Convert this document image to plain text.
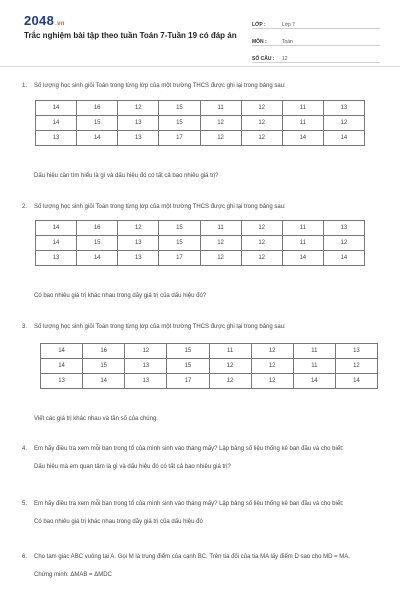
2048.vn
Trắc nghiệm bài tập theo tuần Toán 7-Tuần 19 có đáp án
LỚP :	Lớp 7
MÔN :	Toán
SỐ CÂU :	12
1. Số lượng học sinh giỏi Toán trong từng lớp của một trường THCS được ghi lại trong bảng sau:
14	16	12	15	11	12	11	13
14	15	13	15	12	12	11	12
13	14	13	17	12	12	14	14
Dấu hiệu cần tìm hiểu là gì và dấu hiệu đó có tất cả bao nhiêu giá trị?
2. Số lượng học sinh giỏi Toán trong từng lớp của một trường THCS được ghi lại trong bảng sau:
14	16	12	15	11	12	11	13
14	15	13	15	12	12	11	12
13	14	13	17	12	12	14	14
Có bao nhiêu giá trị khác nhau trong dãy giá trị của dấu hiệu đó?
3. Số lượng học sinh giỏi Toán trong từng lớp của một trường THCS được ghi lại trong bảng sau:
14	16	12	15	11	12	11	13
14	15	13	15	12	12	11	12
13	14	13	17	12	12	14	14
Viết các giá trị khác nhau và tần số của chúng.
4. Em hãy điều tra xem mỗi bạn trong tổ của mình sinh vào tháng mấy? Lập bảng số liệu thống kê ban đầu và cho biết:
Dấu hiệu mà em quan tâm là gì và dấu hiệu đó có tất cả bao nhiêu giá trị?
5. Em hãy điều tra xem mỗi bạn trong tổ của mình sinh vào tháng mấy? Lập bảng số liệu thống kê ban đầu và cho biết:
Có bao nhiêu giá trị khác nhau trong dãy giá trị của dấu hiệu đó
6. Cho tam giác ABC vuông tại A. Gọi M là trung điểm của cạnh BC. Trên tia đối của tia MA lấy điểm D sao cho MD = MA.
Chứng minh: ΔMAB = ΔMDC
